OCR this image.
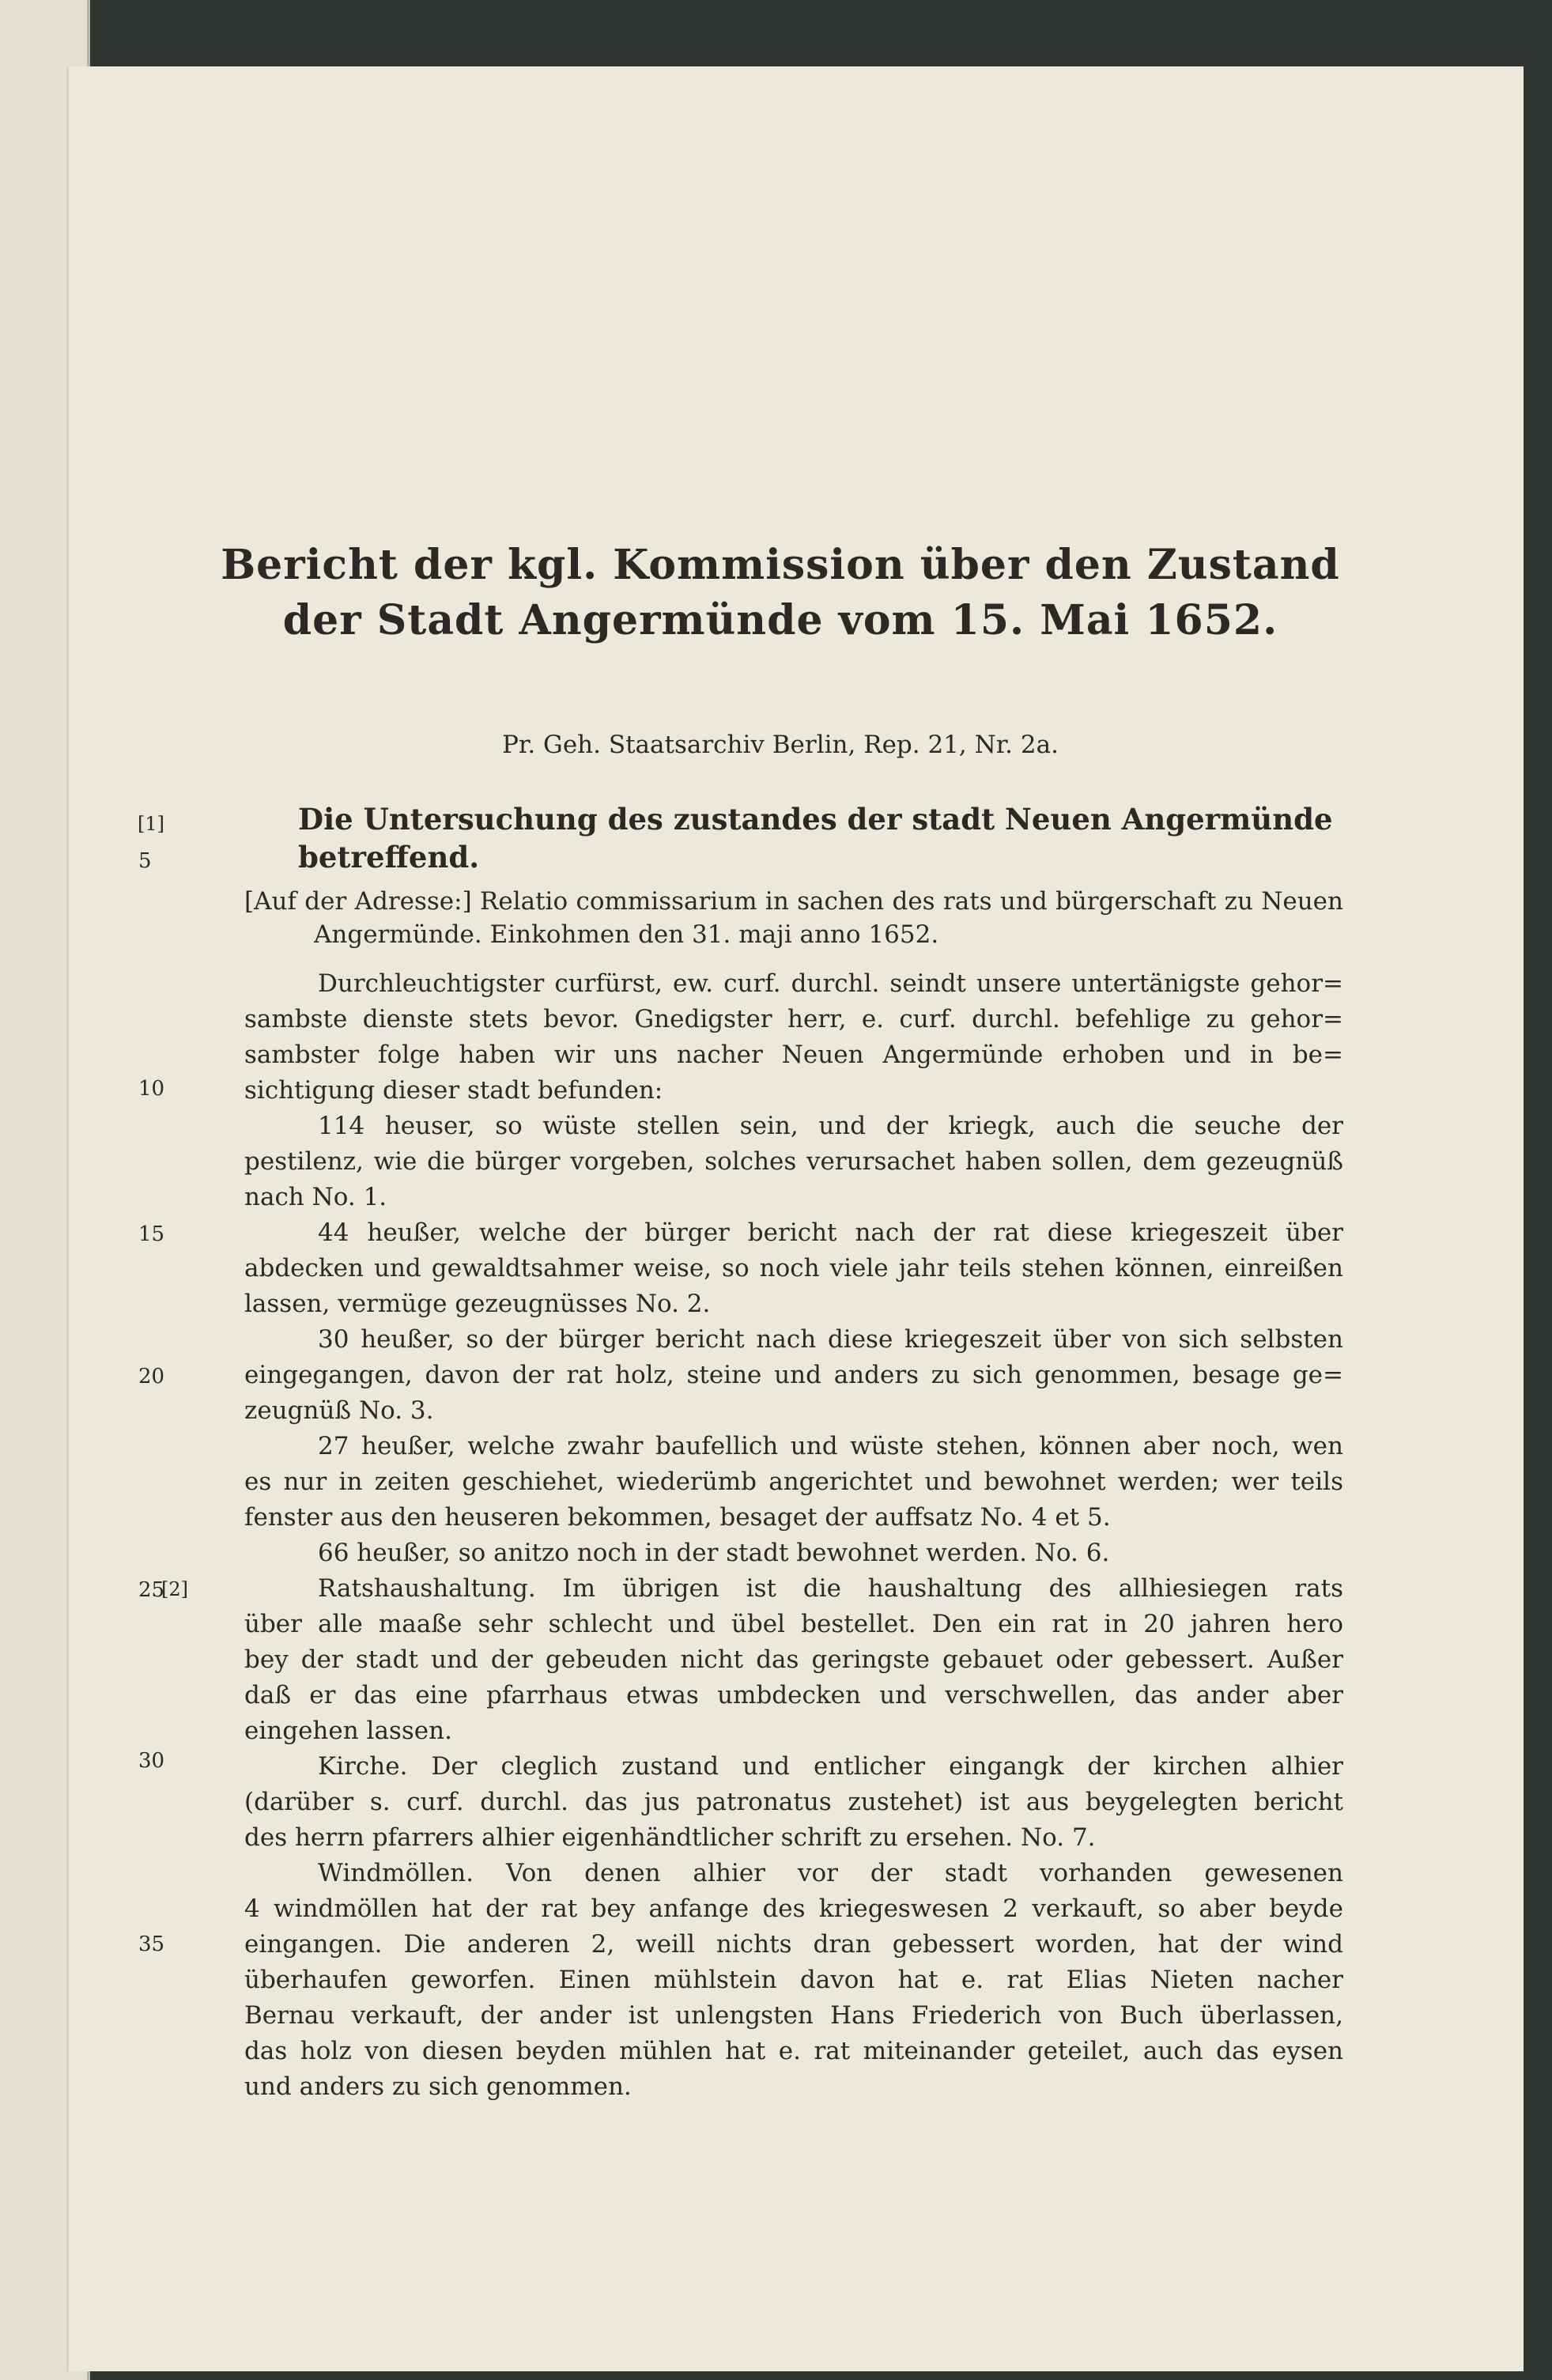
Bericht der kgl. Kommission über den Zustand
der Stadt Angermünde vom 15. Mai 1652.
Pr. Geh. Staatsarchiv Berlin, Rep. 21, Nr. 2a.
[1]	Die Untersuchung des zustandes der stadt Neuen Angermünde
betreffend.
5
10
15
20
25
30
35
[2]
[Auf der Adresse:] Relatio commissarium in sachen des rats und bürgerschaft zu Neuen
Angermünde. Einkohmen den 31. maji anno 1652.
Durchleuchtigster curfürst, ew. curf. durchl. seindt unsere untertänigste gehor=
sambste dienste stets bevor. Gnedigster herr, e. curf. durchl. befehlige zu gehor=
sambster folge haben wir uns nacher Neuen Angermünde erhoben und in be=
sichtigung dieser stadt befunden:
114 heuser, so wüste stellen sein, und der kriegk, auch die seuche der
pestilenz, wie die bürger vorgeben, solches verursachet haben sollen, dem gezeugnüß
nach No. 1.
44 heußer, welche der bürger bericht nach der rat diese kriegeszeit über
abdecken und gewaldtsahmer weise, so noch viele jahr teils stehen können, einreißen
lassen, vermüge gezeugnüsses No. 2.
30 heußer, so der bürger bericht nach diese kriegeszeit über von sich selbsten
eingegangen, davon der rat holz, steine und anders zu sich genommen, besage ge=
zeugnüß No. 3.
27 heußer, welche zwahr baufellich und wüste stehen, können aber noch, wen
es nur in zeiten geschiehet, wiederümb angerichtet und bewohnet werden; wer teils
fenster aus den heuseren bekommen, besaget der auffsatz No. 4 et 5.
66 heußer, so anitzo noch in der stadt bewohnet werden. No. 6.
Ratshaushaltung. Im übrigen ist die haushaltung des allhiesiegen rats
über alle maaße sehr schlecht und übel bestellet. Den ein rat in 20 jahren hero
bey der stadt und der gebeuden nicht das geringste gebauet oder gebessert. Außer
daß er das eine pfarrhaus etwas umbdecken und verschwellen, das ander aber
eingehen lassen.
Kirche. Der cleglich zustand und entlicher eingangk der kirchen alhier
(darüber s. curf. durchl. das jus patronatus zustehet) ist aus beygelegten bericht
des herrn pfarrers alhier eigenhändtlicher schrift zu ersehen. No. 7.
Windmöllen. Von denen alhier vor der stadt vorhanden gewesenen
4 windmöllen hat der rat bey anfange des kriegeswesen 2 verkauft, so aber beyde
eingangen. Die anderen 2, weill nichts dran gebessert worden, hat der wind
überhaufen geworfen. Einen mühlstein davon hat e. rat Elias Nieten nacher
Bernau verkauft, der ander ist unlengsten Hans Friederich von Buch überlassen,
das holz von diesen beyden mühlen hat e. rat miteinander geteilet, auch das eysen
und anders zu sich genommen.
